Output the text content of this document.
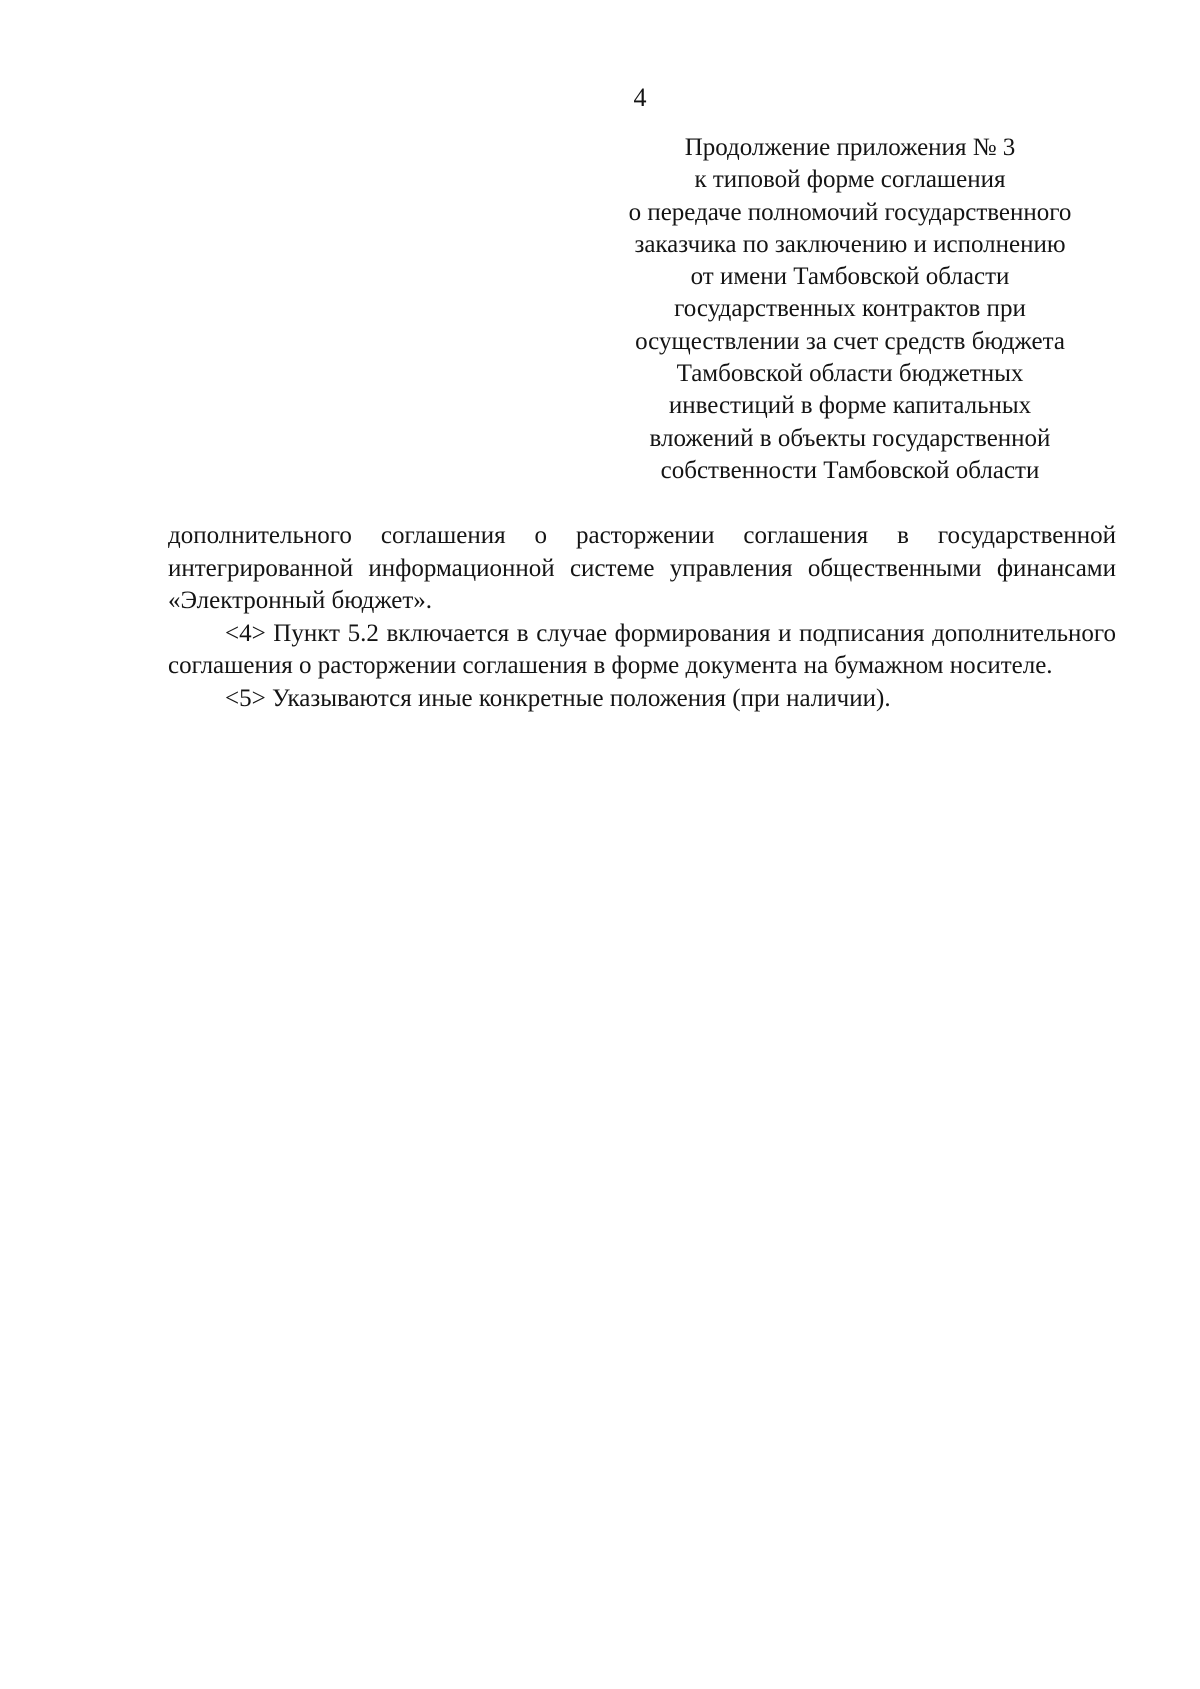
4
Продолжение приложения № 3
к типовой форме соглашения
о передаче полномочий государственного
заказчика по заключению и исполнению
от имени Тамбовской области
государственных контрактов при
осуществлении за счет средств бюджета
Тамбовской области бюджетных
инвестиций в форме капитальных
вложений в объекты государственной
собственности Тамбовской области

дополнительного соглашения о расторжении соглашения в государственной интегрированной информационной системе управления общественными финансами «Электронный бюджет».

<4> Пункт 5.2 включается в случае формирования и подписания дополнительного соглашения о расторжении соглашения в форме документа на бумажном носителе.

<5> Указываются иные конкретные положения (при наличии).
